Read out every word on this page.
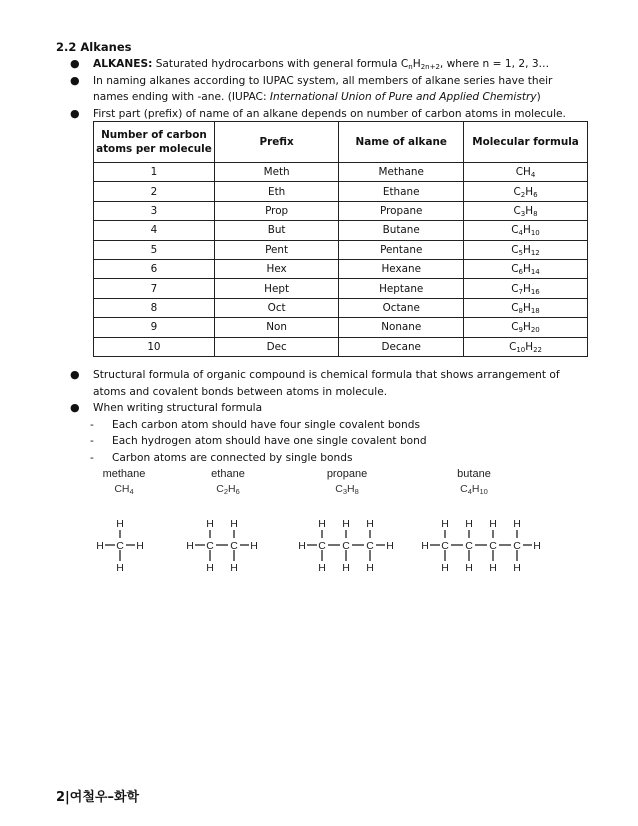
2.2 Alkanes
● ALKANES: Saturated hydrocarbons with general formula $C_nH_{2n+2}$, where n = 1, 2, 3…
● In naming alkanes according to IUPAC system, all members of alkane series have their names ending with -ane. (IUPAC: International Union of Pure and Applied Chemistry)
● First part (prefix) of name of an alkane depends on number of carbon atoms in molecule.
Number of carbon atoms per molecule	Prefix	Name of alkane	Molecular formula
1	Meth	Methane	$CH_4$
2	Eth	Ethane	$C_2H_6$
3	Prop	Propane	$C_3H_8$
4	But	Butane	$C_4H_{10}$
5	Pent	Pentane	$C_5H_{12}$
6	Hex	Hexane	$C_6H_{14}$
7	Hept	Heptane	$C_7H_{16}$
8	Oct	Octane	$C_8H_{18}$
9	Non	Nonane	$C_9H_{20}$
10	Dec	Decane	$C_{10}H_{22}$
● Structural formula of organic compound is chemical formula that shows arrangement of atoms and covalent bonds between atoms in molecule.
● When writing structural formula
- Each carbon atom should have four single covalent bonds
- Each hydrogen atom should have one single covalent bond
- Carbon atoms are connected by single bonds
methane
CH4
H C
H
H
H
ethane
C2H6
H C
H
H
C
H
H
H
propane
C3H8
H C
H
H
C
H
H
C
H
H
H
butane
C4H10
H C
H
H
C
H
H
C
H
H
C
H
H
H
2|여철우–화학
